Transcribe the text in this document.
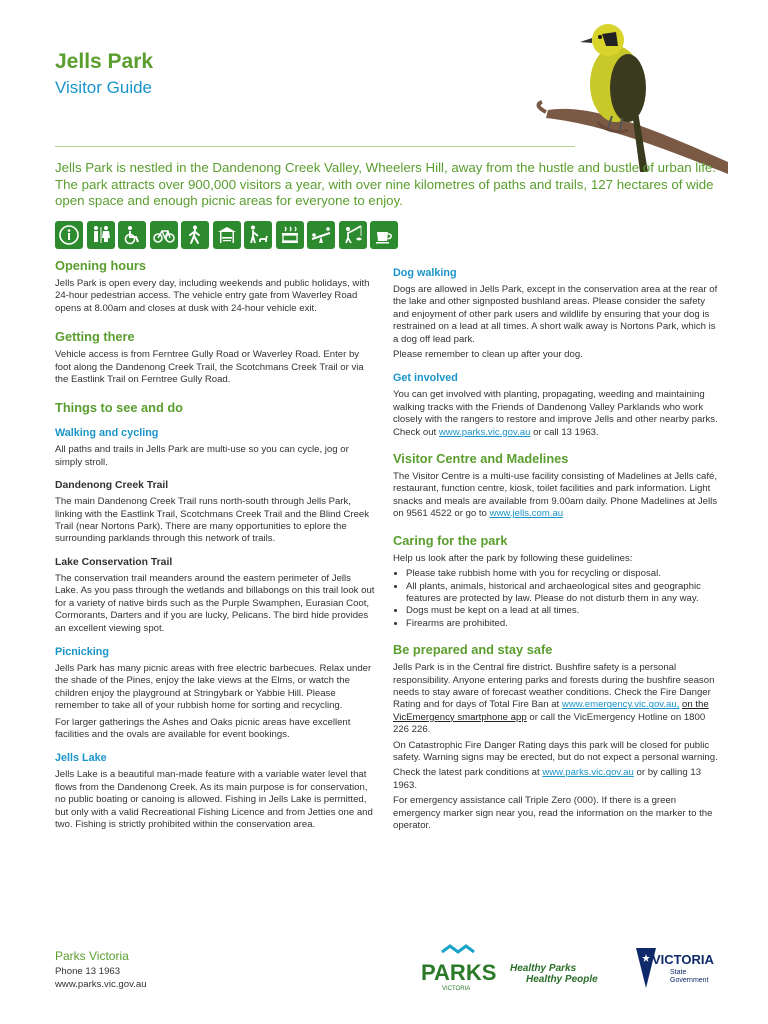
Jells Park
Visitor Guide

Jells Park is nestled in the Dandenong Creek Valley, Wheelers Hill, away from the hustle and bustle of urban life. The park attracts over 900,000 visitors a year, with over nine kilometres of paths and trails, 127 hectares of wide open space and enough picnic areas for everyone to enjoy.

Opening hours

Jells Park is open every day, including weekends and public holidays, with 24-hour pedestrian access. The vehicle entry gate from Waverley Road opens at 8.00am and closes at dusk with 24-hour vehicle exit.

Getting there

Vehicle access is from Ferntree Gully Road or Waverley Road. Enter by foot along the Dandenong Creek Trail, the Scotchmans Creek Trail or via the Eastlink Trail on Ferntree Gully Road.

Things to see and do
Walking and cycling

All paths and trails in Jells Park are multi-use so you can cycle, jog or simply stroll.

Dandenong Creek Trail

The main Dandenong Creek Trail runs north-south through Jells Park, linking with the Eastlink Trail, Scotchmans Creek Trail and the Blind Creek Trail (near Nortons Park). There are many opportunities to eplore the surrounding parklands through this network of trails.

Lake Conservation Trail

The conservation trail meanders around the eastern perimeter of Jells Lake. As you pass through the wetlands and billabongs on this trail look out for a variety of native birds such as the Purple Swamphen, Eurasian Coot, Cormorants, Darters and if you are lucky, Pelicans. The bird hide provides an excellent viewing spot.

Picnicking

Jells Park has many picnic areas with free electric barbecues. Relax under the shade of the Pines, enjoy the lake views at the Elms, or watch the children enjoy the playground at Stringybark or Yabbie Hill. Please remember to take all of your rubbish home for sorting and recycling.

For larger gatherings the Ashes and Oaks picnic areas have excellent facilities and the ovals are available for event bookings.

Jells Lake

Jells Lake is a beautiful man-made feature with a variable water level that flows from the Dandenong Creek. As its main purpose is for conservation, no public boating or canoing is allowed. Fishing in Jells Lake is permitted, but only with a valid Recreational Fishing Licence and from Jetties one and two. Fishing is strictly prohibited within the conservation area.

Dog walking

Dogs are allowed in Jells Park, except in the conservation area at the rear of the lake and other signposted bushland areas. Please consider the safety and enjoyment of other park users and wildlife by ensuring that your dog is restrained on a lead at all times. A short walk away is Nortons Park, which is a dog off lead park.

Please remember to clean up after your dog.

Get involved

You can get involved with planting, propagating, weeding and maintaining walking tracks with the Friends of Dandenong Valley Parklands who work closely with the rangers to restore and improve Jells and other nearby parks. Check out www.parks.vic.gov.au or call 13 1963.

Visitor Centre and Madelines

The Visitor Centre is a multi-use facility consisting of Madelines at Jells café, restaurant, function centre, kiosk, toilet facilities and park information. Light snacks and meals are available from 9.00am daily. Phone Madelines at Jells on 9561 4522 or go to www.jells.com.au

Caring for the park

Help us look after the park by following these guidelines:

• Please take rubbish home with you for recycling or disposal.
• All plants, animals, historical and archaeological sites and geographic features are protected by law. Please do not disturb them in any way.
• Dogs must be kept on a lead at all times.
• Firearms are prohibited.
Be prepared and stay safe

Jells Park is in the Central fire district. Bushfire safety is a personal responsibility. Anyone entering parks and forests during the bushfire season needs to stay aware of forecast weather conditions. Check the Fire Danger Rating and for days of Total Fire Ban at www.emergency.vic.gov.au, on the VicEmergency smartphone app or call the VicEmergency Hotline on 1800 226 226.

On Catastrophic Fire Danger Rating days this park will be closed for public safety. Warning signs may be erected, but do not expect a personal warning.

Check the latest park conditions at www.parks.vic.gov.au or by calling 13 1963.

For emergency assistance call Triple Zero (000). If there is a green emergency marker sign near you, read the information on the marker to the operator.

Parks Victoria

Phone 13 1963

www.parks.vic.gov.au	PARKS
VICTORIA
Healthy Parks
Healthy People
VICTORIA
State
Government
